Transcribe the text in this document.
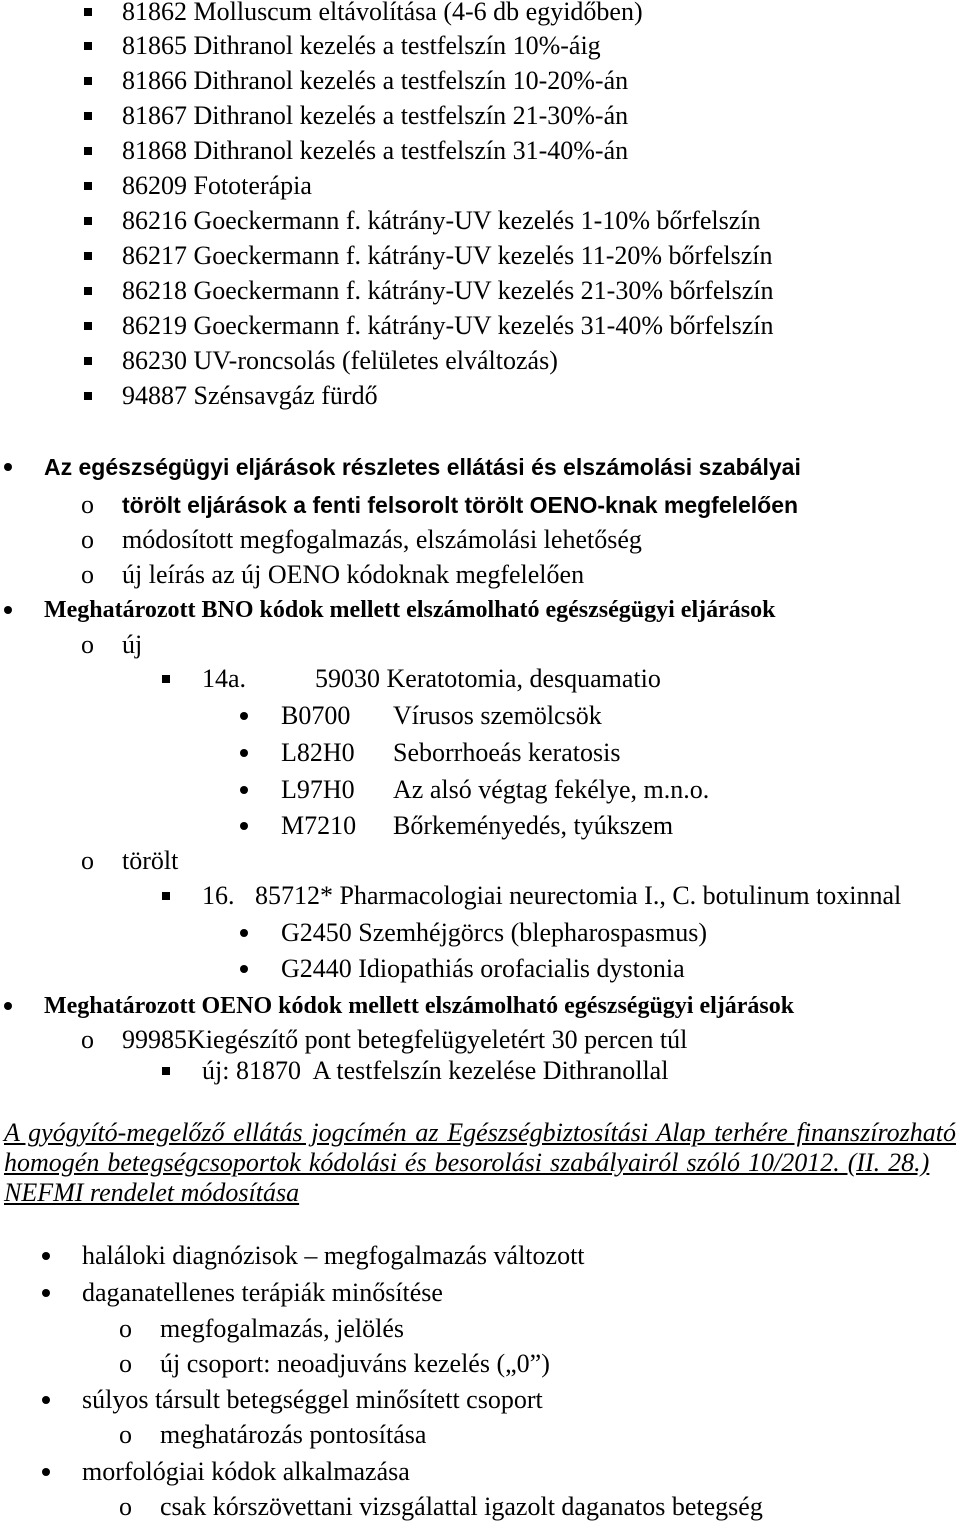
81862 Molluscum eltávolítása (4-6 db egyidőben)
81865 Dithranol kezelés a testfelszín 10%-áig
81866 Dithranol kezelés a testfelszín 10-20%-án
81867 Dithranol kezelés a testfelszín 21-30%-án
81868 Dithranol kezelés a testfelszín 31-40%-án
86209 Fototerápia
86216 Goeckermann f. kátrány-UV kezelés 1-10% bőrfelszín
86217 Goeckermann f. kátrány-UV kezelés 11-20% bőrfelszín
86218 Goeckermann f. kátrány-UV kezelés 21-30% bőrfelszín
86219 Goeckermann f. kátrány-UV kezelés 31-40% bőrfelszín
86230 UV-roncsolás (felületes elváltozás)
94887 Szénsavgáz fürdő
Az egészségügyi eljárások részletes ellátási és elszámolási szabályai
o
törölt eljárások a fenti felsorolt törölt OENO-knak megfelelően
o
módosított megfogalmazás, elszámolási lehetőség
o
új leírás az új OENO kódoknak megfelelően
Meghatározott BNO kódok mellett elszámolható egészségügyi eljárások
o
új
14a.	59030 Keratotomia, desquamatio
B0700 Vírusos szemölcsök
L82H0 Seborrhoeás keratosis
L97H0 Az alsó végtag fekélye, m.n.o.
M7210 Bőrkeményedés, tyúkszem
o
törölt
16. 85712* Pharmacologiai neurectomia I., C. botulinum toxinnal
G2450 Szemhéjgörcs (blepharospasmus)
G2440 Idiopathiás orofacialis dystonia
Meghatározott OENO kódok mellett elszámolható egészségügyi eljárások
o
99985Kiegészítő pont betegfelügyeletért 30 percen túl
új: 81870  A testfelszín kezelése Dithranollal
A gyógyító-megelőző ellátás jogcímén az Egészségbiztosítási Alap terhére finanszírozható
homogén betegségcsoportok kódolási és besorolási szabályairól szóló 10/2012. (II. 28.)
NEFMI rendelet módosítása
haláloki diagnózisok – megfogalmazás változott
daganatellenes terápiák minősítése
o
megfogalmazás, jelölés
o
új csoport: neoadjuváns kezelés („0”)
súlyos társult betegséggel minősített csoport
o
meghatározás pontosítása
morfológiai kódok alkalmazása
o
csak kórszövettani vizsgálattal igazolt daganatos betegség
